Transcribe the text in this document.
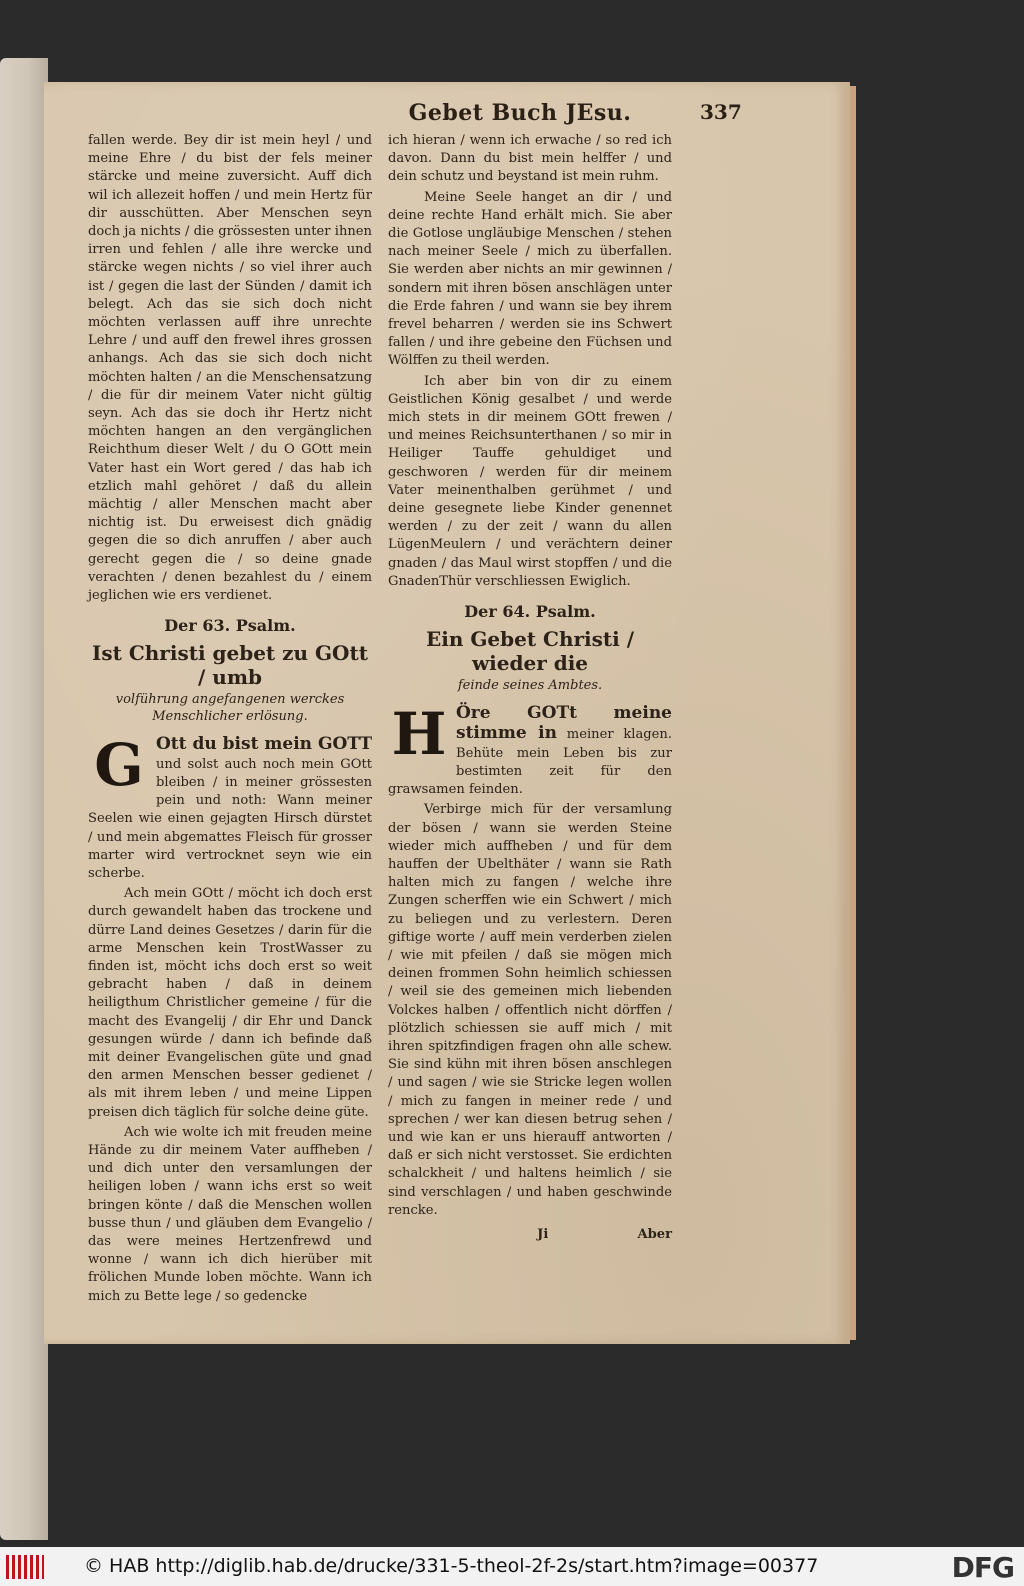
Gebet Buch JEsu.	337

fallen werde. Bey dir ist mein heyl / und meine Ehre / du bist der fels meiner stärcke und meine zuversicht. Auff dich wil ich allezeit hoffen / und mein Hertz für dir ausschütten. Aber Menschen seyn doch ja nichts / die grössesten unter ihnen irren und fehlen / alle ihre wercke und stärcke wegen nichts / so viel ihrer auch ist / gegen die last der Sünden / damit ich belegt. Ach das sie sich doch nicht möchten verlassen auff ihre unrechte Lehre / und auff den frewel ihres grossen anhangs. Ach das sie sich doch nicht möchten halten / an die Menschensatzung / die für dir meinem Vater nicht gültig seyn. Ach das sie doch ihr Hertz nicht möchten hangen an den vergänglichen Reichthum dieser Welt / du O GOtt mein Vater hast ein Wort gered / das hab ich etzlich mahl gehöret / daß du allein mächtig / aller Menschen macht aber nichtig ist. Du erweisest dich gnädig gegen die so dich anruffen / aber auch gerecht gegen die / so deine gnade verachten / denen bezahlest du / einem jeglichen wie ers verdienet.

Der 63. Psalm.
Ist Christi gebet zu GOtt / umb
volführung angefangenen werckes Menschlicher erlösung.

G Ott du bist mein GOTT und solst auch noch mein GOtt bleiben / in meiner grössesten pein und noth: Wann meiner Seelen wie einen gejagten Hirsch dürstet / und mein abgemattes Fleisch für grosser marter wird vertrocknet seyn wie ein scherbe.

Ach mein GOtt / möcht ich doch erst durch gewandelt haben das trockene und dürre Land deines Gesetzes / darin für die arme Menschen kein TrostWasser zu finden ist, möcht ichs doch erst so weit gebracht haben / daß in deinem heiligthum Christlicher gemeine / für die macht des Evangelij / dir Ehr und Danck gesungen würde / dann ich befinde daß mit deiner Evangelischen güte und gnad den armen Menschen besser gedienet / als mit ihrem leben / und meine Lippen preisen dich täglich für solche deine güte.

Ach wie wolte ich mit freuden meine Hände zu dir meinem Vater auffheben / und dich unter den versamlungen der heiligen loben / wann ichs erst so weit bringen könte / daß die Menschen wollen busse thun / und gläuben dem Evangelio / das were meines Hertzenfrewd und wonne / wann ich dich hierüber mit frölichen Munde loben möchte. Wann ich mich zu Bette lege / so gedencke

ich hieran / wenn ich erwache / so red ich davon. Dann du bist mein helffer / und dein schutz und beystand ist mein ruhm.

Meine Seele hanget an dir / und deine rechte Hand erhält mich. Sie aber die Gotlose ungläubige Menschen / stehen nach meiner Seele / mich zu überfallen. Sie werden aber nichts an mir gewinnen / sondern mit ihren bösen anschlägen unter die Erde fahren / und wann sie bey ihrem frevel beharren / werden sie ins Schwert fallen / und ihre gebeine den Füchsen und Wölffen zu theil werden.

Ich aber bin von dir zu einem Geistlichen König gesalbet / und werde mich stets in dir meinem GOtt frewen / und meines Reichsunterthanen / so mir in Heiliger Tauffe gehuldiget und geschworen / werden für dir meinem Vater meinenthalben gerühmet / und deine gesegnete liebe Kinder genennet werden / zu der zeit / wann du allen LügenMeulern / und verächtern deiner gnaden / das Maul wirst stopffen / und die GnadenThür verschliessen Ewiglich.

Der 64. Psalm.
Ein Gebet Christi / wieder die
feinde seines Ambtes.

H Öre GOTt meine stimme in meiner klagen. Behüte mein Leben bis zur bestimten zeit für den grawsamen feinden.

Verbirge mich für der versamlung der bösen / wann sie werden Steine wieder mich auffheben / und für dem hauffen der Ubelthäter / wann sie Rath halten mich zu fangen / welche ihre Zungen scherffen wie ein Schwert / mich zu beliegen und zu verlestern. Deren giftige worte / auff mein verderben zielen / wie mit pfeilen / daß sie mögen mich deinen frommen Sohn heimlich schiessen / weil sie des gemeinen mich liebenden Volckes halben / offentlich nicht dörffen / plötzlich schiessen sie auff mich / mit ihren spitzfindigen fragen ohn alle schew. Sie sind kühn mit ihren bösen anschlegen / und sagen / wie sie Stricke legen wollen / mich zu fangen in meiner rede / und sprechen / wer kan diesen betrug sehen / und wie kan er uns hierauff antworten / daß er sich nicht verstosset. Sie erdichten schalckheit / und haltens heimlich / sie sind verschlagen / und haben geschwinde rencke.

Ji	Aber
© HAB http://diglib.hab.de/drucke/331-5-theol-2f-2s/start.htm?image=00377	DFG
